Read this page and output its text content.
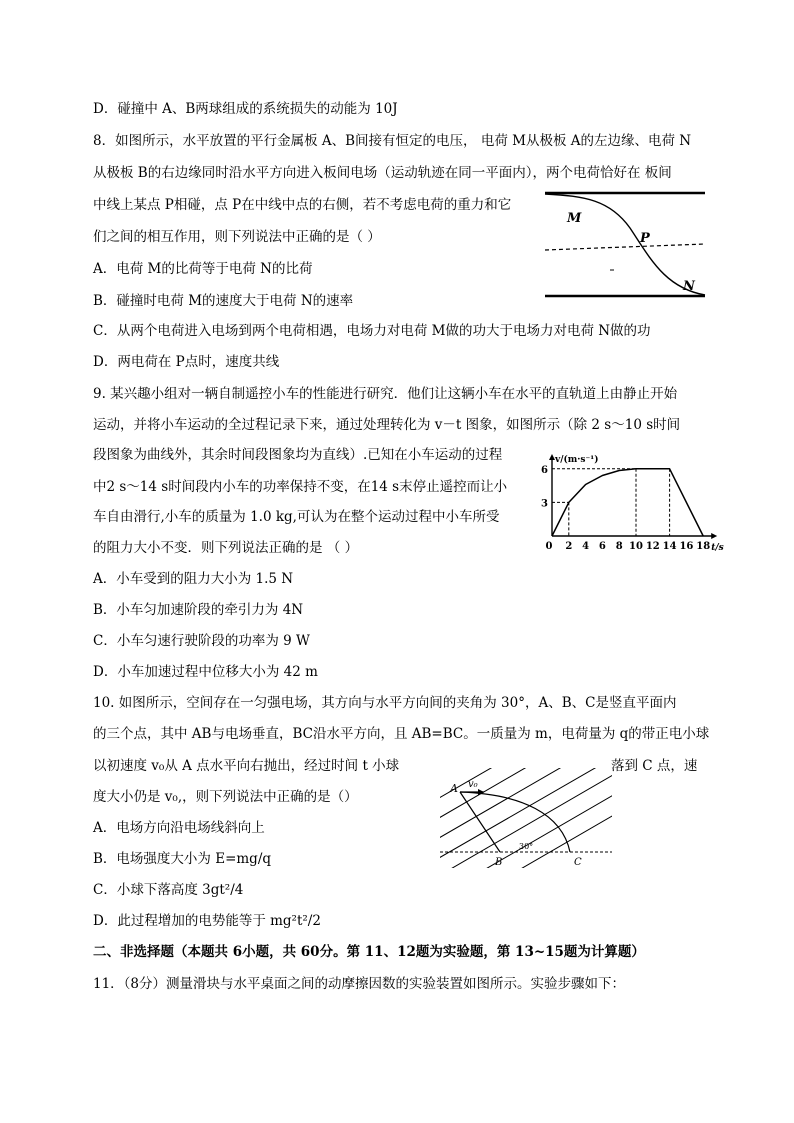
D．碰撞中 A、B两球组成的系统损失的动能为 10J
8．如图所示，水平放置的平行金属板 A、B间接有恒定的电压， 电荷 M从极板 A的左边缘、电荷 N
从极板 B的右边缘同时沿水平方向进入板间电场（运动轨迹在同一平面内），两个电荷恰好在 板间
中线上某点 P相碰，点 P在中线中点的右侧，若不考虑电荷的重力和它
们之间的相互作用，则下列说法中正确的是（ ）
A．电荷 M的比荷等于电荷 N的比荷
B．碰撞时电荷 M的速度大于电荷 N的速率
C．从两个电荷进入电场到两个电荷相遇，电场力对电荷 M做的功大于电场力对电荷 N做的功
D．两电荷在 P点时，速度共线
9. 某兴趣小组对一辆自制遥控小车的性能进行研究．他们让这辆小车在水平的直轨道上由静止开始
运动，并将小车运动的全过程记录下来，通过处理转化为 v－t 图象，如图所示（除 2 s～10 s时间
段图象为曲线外，其余时间段图象均为直线）.已知在小车运动的过程
中2 s～14 s时间段内小车的功率保持不变，在14 s末停止遥控而让小
车自由滑行,小车的质量为 1.0 kg,可认为在整个运动过程中小车所受
的阻力大小不变．则下列说法正确的是 （ ）
A．小车受到的阻力大小为 1.5 N
B．小车匀加速阶段的牵引力为 4N
C．小车匀速行驶阶段的功率为 9 W
D．小车加速过程中位移大小为 42 m
10. 如图所示，空间存在一匀强电场，其方向与水平方向间的夹角为 30°，A、B、C是竖直平面内
的三个点，其中 AB与电场垂直，BC沿水平方向，且 AB=BC。一质量为 m，电荷量为 q的带正电小球
以初速度 v₀从 A 点水平向右抛出，经过时间 t 小球	落到 C 点，速
度大小仍是 v₀,，则下列说法中正确的是（）
A．电场方向沿电场线斜向上
B．电场强度大小为 E=mg/q
C．小球下落高度 3gt²/4
D．此过程增加的电势能等于 mg²t²/2
二、非选择题（本题共 6小题，共 60分。第 11、12题为实验题，第 13~15题为计算题）
11．（8分）测量滑块与水平桌面之间的动摩擦因数的实验装置如图所示。实验步骤如下：
M
P
N
v/(m·s⁻¹)
t/s
0 2 4 6 8 10 12 14 16 18
3
6
A v₀
B	C
30°
